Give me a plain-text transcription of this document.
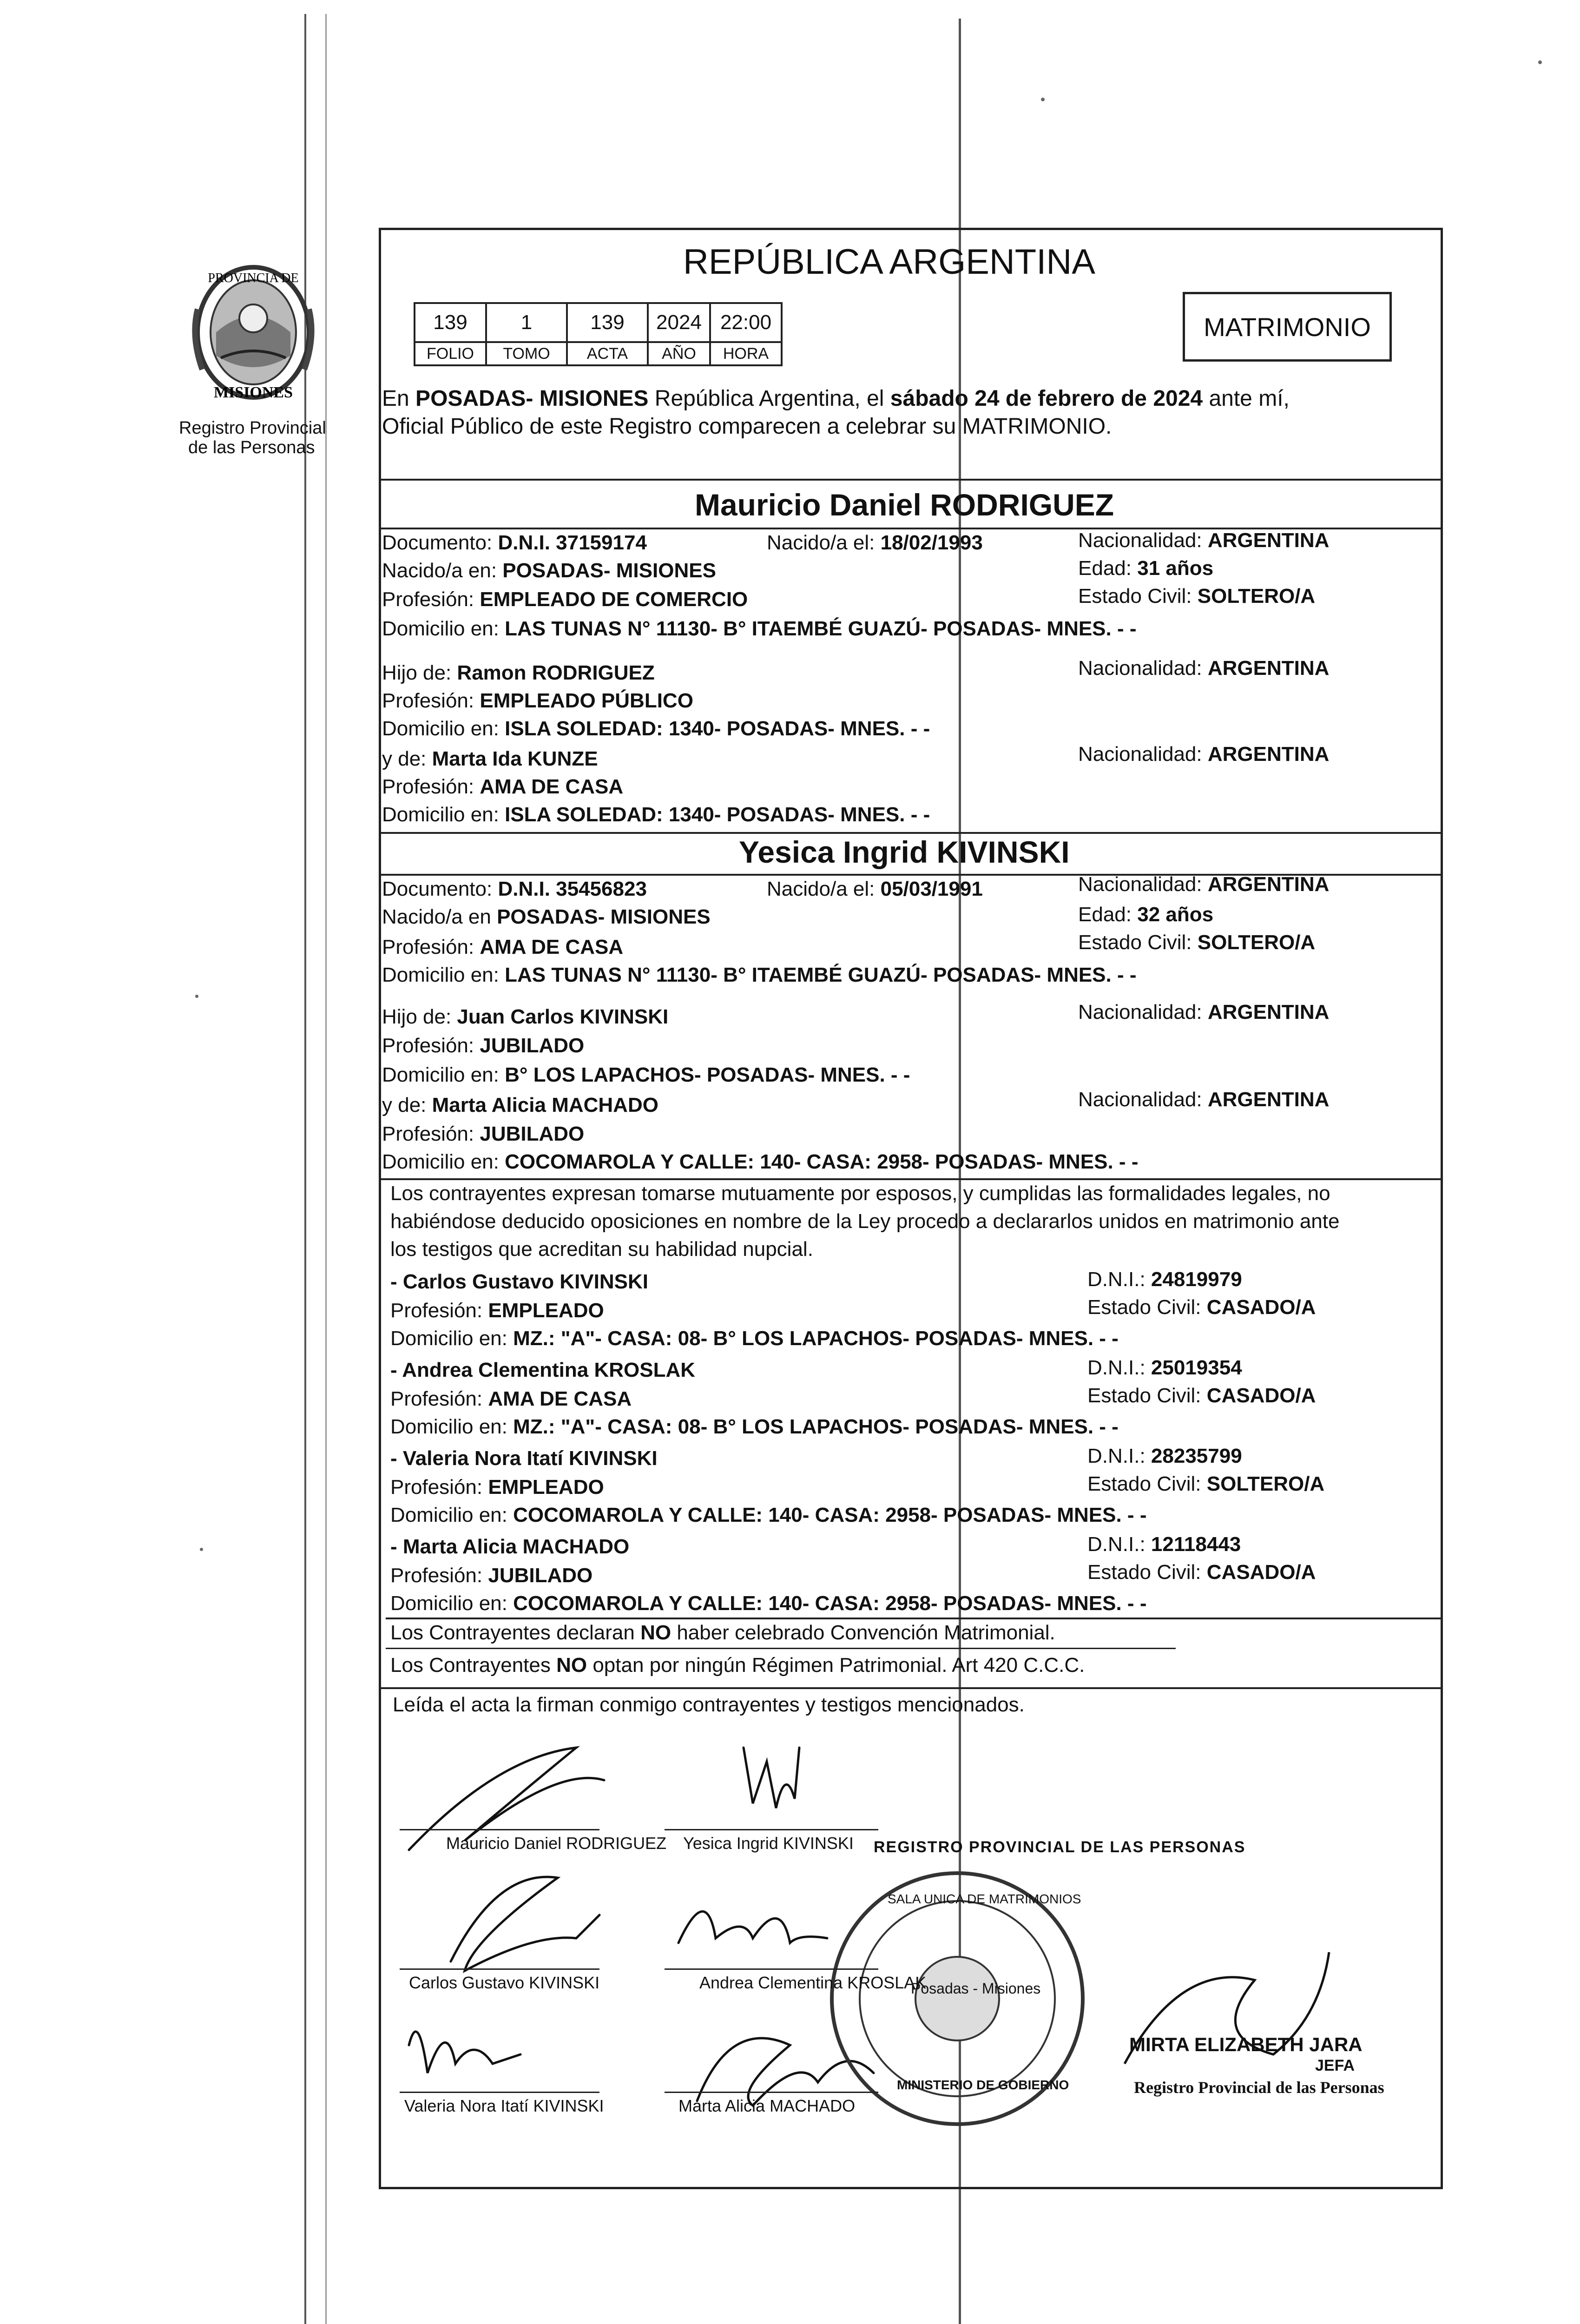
PROVINCIA DE
MISIONES
Registro Provincial
de las Personas
REPÚBLICA ARGENTINA
139	1	139	2024	22:00
FOLIO	TOMO	ACTA	AÑO	HORA
MATRIMONIO
En POSADAS- MISIONES República Argentina, el sábado 24 de febrero de 2024 ante mí,
Oficial Público de este Registro comparecen a celebrar su MATRIMONIO.
Mauricio Daniel RODRIGUEZ
Documento: D.N.I. 37159174	Nacido/a el: 18/02/1993	Nacionalidad: ARGENTINA
Nacido/a en: POSADAS- MISIONES	Edad: 31 años
Profesión: EMPLEADO DE COMERCIO	Estado Civil: SOLTERO/A
Domicilio en: LAS TUNAS N° 11130- B° ITAEMBÉ GUAZÚ- POSADAS- MNES. - -
Hijo de: Ramon RODRIGUEZ	Nacionalidad: ARGENTINA
Profesión: EMPLEADO PÚBLICO
Domicilio en: ISLA SOLEDAD: 1340- POSADAS- MNES. - -
y de: Marta Ida KUNZE	Nacionalidad: ARGENTINA
Profesión: AMA DE CASA
Domicilio en: ISLA SOLEDAD: 1340- POSADAS- MNES. - -
Yesica Ingrid KIVINSKI
Documento: D.N.I. 35456823	Nacido/a el: 05/03/1991	Nacionalidad: ARGENTINA
Nacido/a en POSADAS- MISIONES	Edad: 32 años
Profesión: AMA DE CASA	Estado Civil: SOLTERO/A
Domicilio en: LAS TUNAS N° 11130- B° ITAEMBÉ GUAZÚ- POSADAS- MNES. - -
Hijo de: Juan Carlos KIVINSKI	Nacionalidad: ARGENTINA
Profesión: JUBILADO
Domicilio en: B° LOS LAPACHOS- POSADAS- MNES. - -
y de: Marta Alicia MACHADO	Nacionalidad: ARGENTINA
Profesión: JUBILADO
Domicilio en: COCOMAROLA Y CALLE: 140- CASA: 2958- POSADAS- MNES. - -
Los contrayentes expresan tomarse mutuamente por esposos, y cumplidas las formalidades legales, no
habiéndose deducido oposiciones en nombre de la Ley procedo a declararlos unidos en matrimonio ante
los testigos que acreditan su habilidad nupcial.
- Carlos Gustavo KIVINSKI	D.N.I.: 24819979
Profesión: EMPLEADO	Estado Civil: CASADO/A
Domicilio en: MZ.: "A"- CASA: 08- B° LOS LAPACHOS- POSADAS- MNES. - -
- Andrea Clementina KROSLAK	D.N.I.: 25019354
Profesión: AMA DE CASA	Estado Civil: CASADO/A
Domicilio en: MZ.: "A"- CASA: 08- B° LOS LAPACHOS- POSADAS- MNES. - -
- Valeria Nora Itatí KIVINSKI	D.N.I.: 28235799
Profesión: EMPLEADO	Estado Civil: SOLTERO/A
Domicilio en: COCOMAROLA Y CALLE: 140- CASA: 2958- POSADAS- MNES. - -
- Marta Alicia MACHADO	D.N.I.: 12118443
Profesión: JUBILADO	Estado Civil: CASADO/A
Domicilio en: COCOMAROLA Y CALLE: 140- CASA: 2958- POSADAS- MNES. - -
Los Contrayentes declaran NO haber celebrado Convención Matrimonial.
Los Contrayentes NO optan por ningún Régimen Patrimonial. Art 420 C.C.C.
Leída el acta la firman conmigo contrayentes y testigos mencionados.
REGISTRO PROVINCIAL DE LAS PERSONAS
SALA UNICA DE MATRIMONIOS
Posadas - Misiones
MINISTERIO DE GOBIERNO
Mauricio Daniel RODRIGUEZ Yesica Ingrid KIVINSKI
Carlos Gustavo KIVINSKI	Andrea Clementina KROSLAK
Valeria Nora Itatí KIVINSKI	Marta Alicia MACHADO
MIRTA ELIZABETH JARA
JEFA
Registro Provincial de las Personas
